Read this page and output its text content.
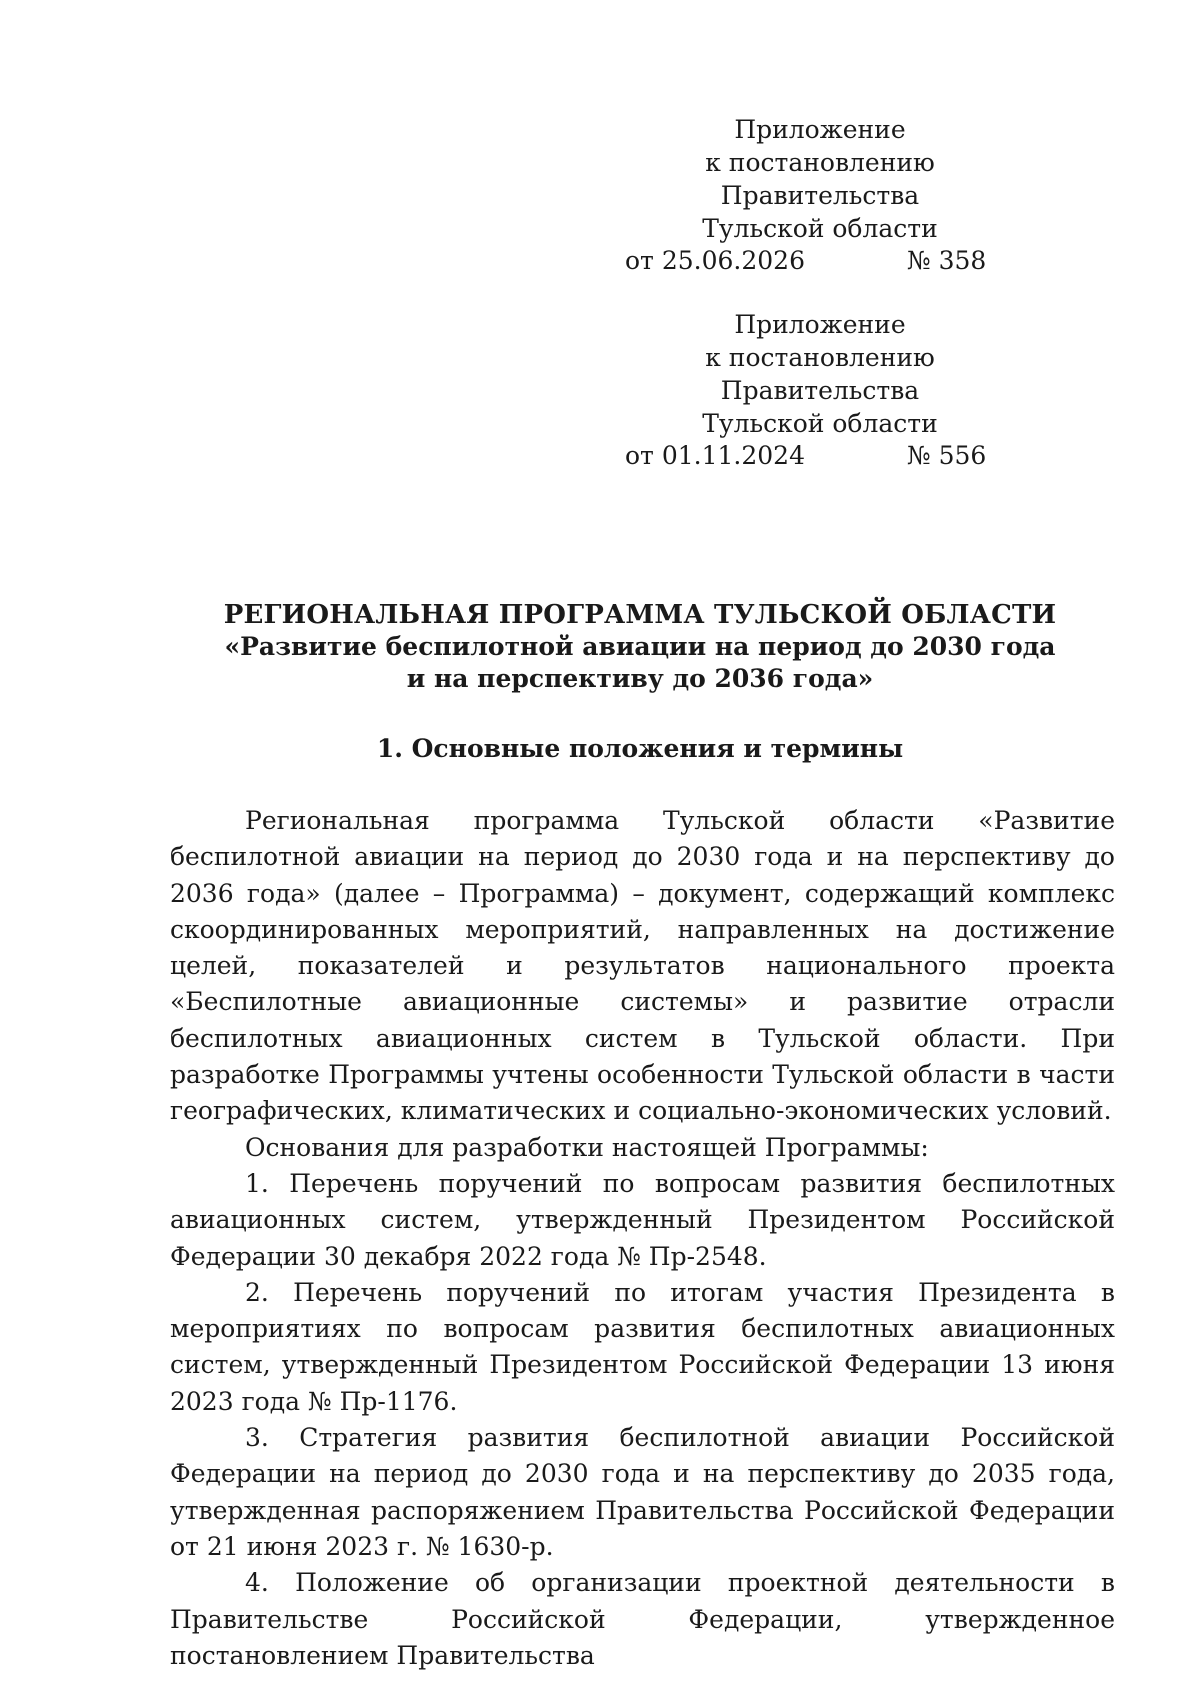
Приложение
к постановлению Правительства
Тульской области
от 25.06.2026	№ 358
Приложение
к постановлению Правительства
Тульской области
от 01.11.2024	№ 556
РЕГИОНАЛЬНАЯ ПРОГРАММА ТУЛЬСКОЙ ОБЛАСТИ
«Развитие беспилотной авиации на период до 2030 года
и на перспективу до 2036 года»
1. Основные положения и термины

Региональная программа Тульской области «Развитие беспилотной авиации на период до 2030 года и на перспективу до 2036 года» (далее – Программа) – документ, содержащий комплекс скоординированных мероприятий, направленных на достижение целей, показателей и результатов национального проекта «Беспилотные авиационные системы» и развитие отрасли беспилотных авиационных систем в Тульской области. При разработке Программы учтены особенности Тульской области в части географических, климатических и социально-экономических условий.

Основания для разработки настоящей Программы:

1. Перечень поручений по вопросам развития беспилотных авиационных систем, утвержденный Президентом Российской Федерации 30 декабря 2022 года № Пр-2548.

2. Перечень поручений по итогам участия Президента в мероприятиях по вопросам развития беспилотных авиационных систем, утвержденный Президентом Российской Федерации 13 июня 2023 года № Пр-1176.

3. Стратегия развития беспилотной авиации Российской Федерации на период до 2030 года и на перспективу до 2035 года, утвержденная распоряжением Правительства Российской Федерации от 21 июня 2023 г. № 1630-р.

4. Положение об организации проектной деятельности в Правительстве Российской Федерации, утвержденное постановлением Правительства
